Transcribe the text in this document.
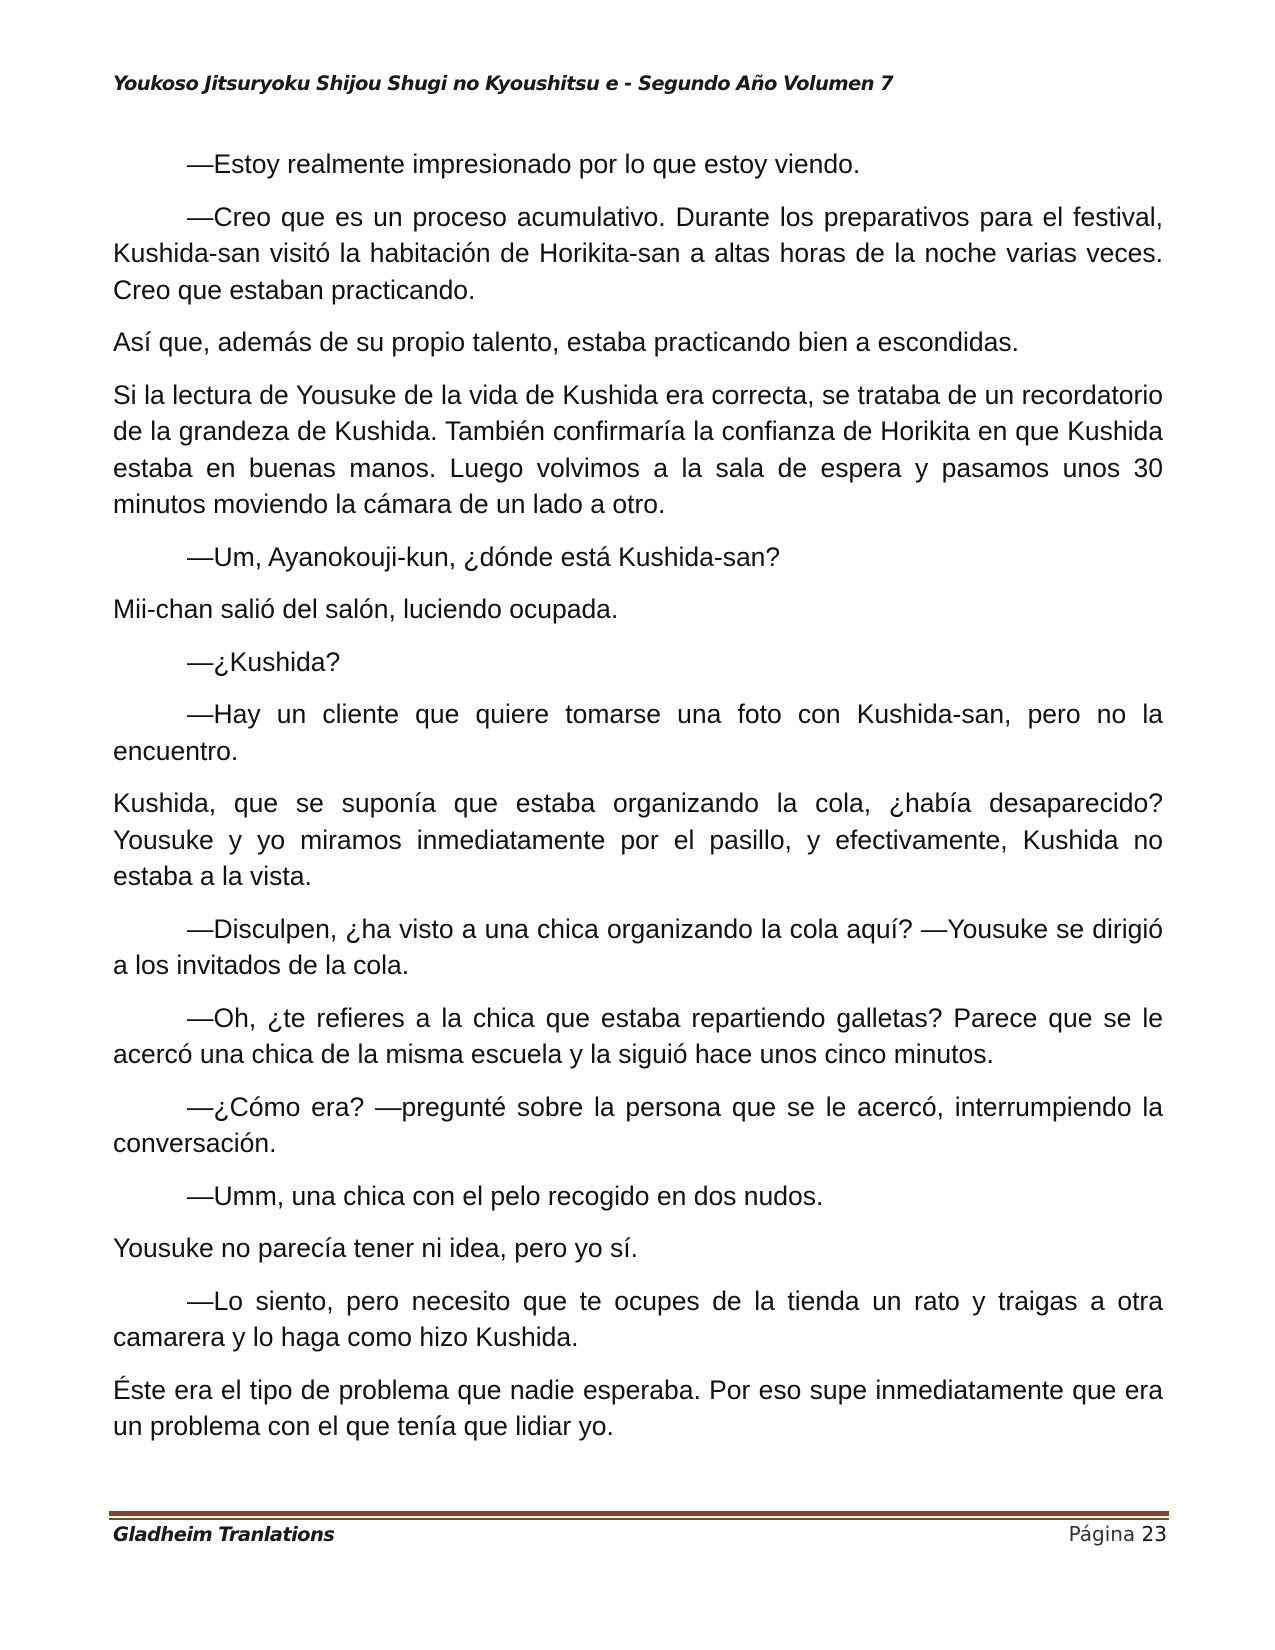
Youkoso Jitsuryoku Shijou Shugi no Kyoushitsu e - Segundo Año Volumen 7

—Estoy realmente impresionado por lo que estoy viendo.

—Creo que es un proceso acumulativo. Durante los preparativos para el festival, Kushida-san visitó la habitación de Horikita-san a altas horas de la noche varias veces. Creo que estaban practicando.

Así que, además de su propio talento, estaba practicando bien a escondidas.

Si la lectura de Yousuke de la vida de Kushida era correcta, se trataba de un recordatorio de la grandeza de Kushida. También confirmaría la confianza de Horikita en que Kushida estaba en buenas manos. Luego volvimos a la sala de espera y pasamos unos 30 minutos moviendo la cámara de un lado a otro.

—Um, Ayanokouji-kun, ¿dónde está Kushida-san?

Mii-chan salió del salón, luciendo ocupada.

—¿Kushida?

—Hay un cliente que quiere tomarse una foto con Kushida-san, pero no la encuentro.

Kushida, que se suponía que estaba organizando la cola, ¿había desaparecido? Yousuke y yo miramos inmediatamente por el pasillo, y efectivamente, Kushida no estaba a la vista.

—Disculpen, ¿ha visto a una chica organizando la cola aquí? —Yousuke se dirigió a los invitados de la cola.

—Oh, ¿te refieres a la chica que estaba repartiendo galletas? Parece que se le acercó una chica de la misma escuela y la siguió hace unos cinco minutos.

—¿Cómo era? —pregunté sobre la persona que se le acercó, interrumpiendo la conversación.

—Umm, una chica con el pelo recogido en dos nudos.

Yousuke no parecía tener ni idea, pero yo sí.

—Lo siento, pero necesito que te ocupes de la tienda un rato y traigas a otra camarera y lo haga como hizo Kushida.

Éste era el tipo de problema que nadie esperaba. Por eso supe inmediatamente que era un problema con el que tenía que lidiar yo.

Gladheim Tranlations	Página 23
